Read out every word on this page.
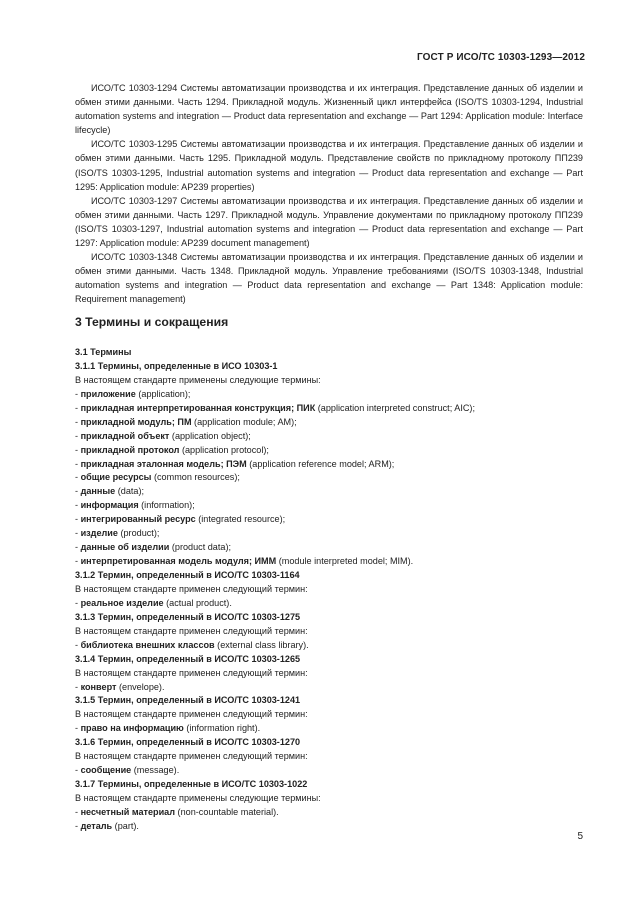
ГОСТ Р ИСО/ТС 10303-1293—2012

ИСО/ТС 10303-1294 Системы автоматизации производства и их интеграция. Представление данных об изделии и обмен этими данными. Часть 1294. Прикладной модуль. Жизненный цикл интерфейса (ISO/TS 10303-1294, Industrial automation systems and integration — Product data representation and exchange — Part 1294: Application module: Interface lifecycle)

ИСО/ТС 10303-1295 Системы автоматизации производства и их интеграция. Представление данных об изделии и обмен этими данными. Часть 1295. Прикладной модуль. Представление свойств по прикладному протоколу ПП239 (ISO/TS 10303-1295, Industrial automation systems and integration — Product data representation and exchange — Part 1295: Application module: AP239 properties)

ИСО/ТС 10303-1297 Системы автоматизации производства и их интеграция. Представление данных об изделии и обмен этими данными. Часть 1297. Прикладной модуль. Управление документами по прикладному протоколу ПП239 (ISO/TS 10303-1297, Industrial automation systems and integration — Product data representation and exchange — Part 1297: Application module: AP239 document management)

ИСО/ТС 10303-1348 Системы автоматизации производства и их интеграция. Представление данных об изделии и обмен этими данными. Часть 1348. Прикладной модуль. Управление требованиями (ISO/TS 10303-1348, Industrial automation systems and integration — Product data representation and exchange — Part 1348: Application module: Requirement management)

3 Термины и сокращения

3.1 Термины

3.1.1 Термины, определенные в ИСО 10303-1

В настоящем стандарте применены следующие термины:

- приложение (application);

- прикладная интерпретированная конструкция; ПИК (application interpreted construct; AIC);

- прикладной модуль; ПМ (application module; AM);

- прикладной объект (application object);

- прикладной протокол (application protocol);

- прикладная эталонная модель; ПЭМ (application reference model; ARM);

- общие ресурсы (common resources);

- данные (data);

- информация (information);

- интегрированный ресурс (integrated resource);

- изделие (product);

- данные об изделии (product data);

- интерпретированная модель модуля; ИММ (module interpreted model; MIM).

3.1.2 Термин, определенный в ИСО/ТС 10303-1164

В настоящем стандарте применен следующий термин:

- реальное изделие (actual product).

3.1.3 Термин, определенный в ИСО/ТС 10303-1275

В настоящем стандарте применен следующий термин:

- библиотека внешних классов (external class library).

3.1.4 Термин, определенный в ИСО/ТС 10303-1265

В настоящем стандарте применен следующий термин:

- конверт (envelope).

3.1.5 Термин, определенный в ИСО/ТС 10303-1241

В настоящем стандарте применен следующий термин:

- право на информацию (information right).

3.1.6 Термин, определенный в ИСО/ТС 10303-1270

В настоящем стандарте применен следующий термин:

- сообщение (message).

3.1.7 Термины, определенные в ИСО/ТС 10303-1022

В настоящем стандарте применены следующие термины:

- несчетный материал (non-countable material).

- деталь (part).

5
